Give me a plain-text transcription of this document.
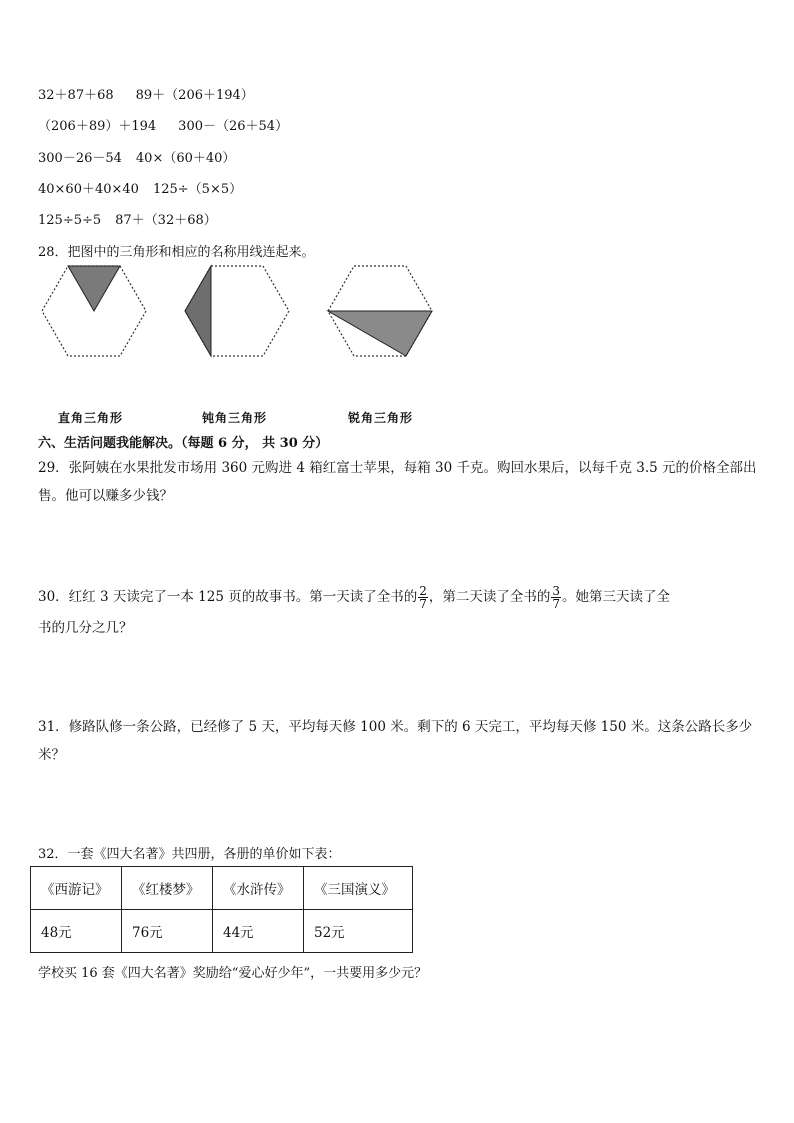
32＋87＋68 89＋（206＋194）
（206＋89）＋194 300－（26＋54）
300－26－54 40×（60＋40）
40×60＋40×40 125÷（5×5）
125÷5÷5 87＋（32＋68）
28．把图中的三角形和相应的名称用线连起来。
直角三角形	钝角三角形	锐角三角形
六、生活问题我能解决。（每题 6 分， 共 30 分）
29．张阿姨在水果批发市场用 360 元购进 4 箱红富士苹果，每箱 30 千克。购回水果后，以每千克 3.5 元的价格全部出
售。他可以赚多少钱？
30．红红 3 天读完了一本 125 页的故事书。第一天读了全书的 $\frac{2}{7}$ ，第二天读了全书的 $\frac{3}{7}$ 。她第三天读了全
书的几分之几？
31．修路队修一条公路，已经修了 5 天，平均每天修 100 米。剩下的 6 天完工，平均每天修 150 米。这条公路长多少
米？
32．一套《四大名著》共四册，各册的单价如下表：
《西游记》	《红楼梦》	《水浒传》	《三国演义》
48元	76元	44元	52元
学校买 16 套《四大名著》奖励给“爱心好少年”，一共要用多少元？
